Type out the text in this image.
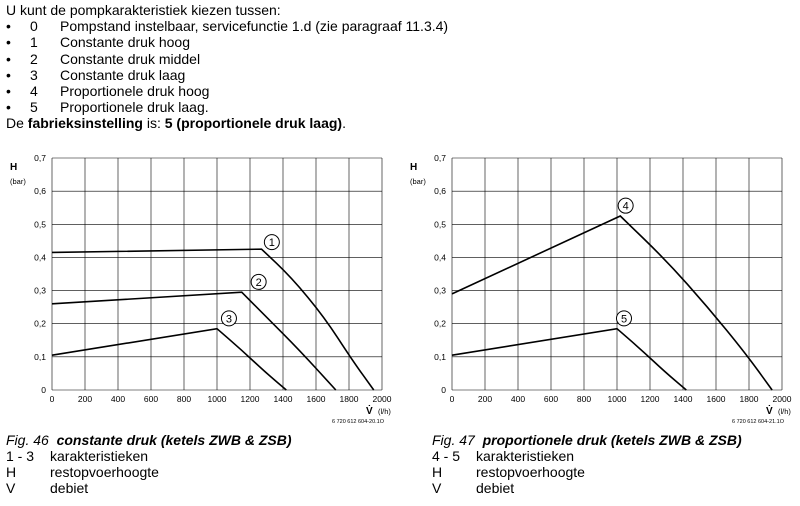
U kunt de pompkarakteristiek kiezen tussen:
•	0	Pompstand instelbaar, servicefunctie 1.d (zie paragraaf 11.3.4)
•	1	Constante druk hoog
•	2	Constante druk middel
•	3	Constante druk laag
•	4	Proportionele druk hoog
•	5	Proportionele druk laag.
De fabrieksinstelling is: 5 (proportionele druk laag).
0	200 400 600 800 1000 1200 1400 1600 1800 2000
0
0,1
0,2
0,3
0,4
0,5
0,6
0,7
H
(bar)
V̇ (l/h)
6 720 612 604-20.1O
1
2
3
0	200 400 600 800 1000 1200 1400 1600 1800 2000
0
0,1
0,2
0,3
0,4
0,5
0,6
0,7
H
(bar)
V̇ (l/h)
6 720 612 604-21.1O
4
5
Fig. 46 constante druk (ketels ZWB & ZSB)
1 - 3	karakteristieken
H	restopvoerhoogte
V	debiet
Fig. 47 proportionele druk (ketels ZWB & ZSB)
4 - 5	karakteristieken
H	restopvoerhoogte
V	debiet
